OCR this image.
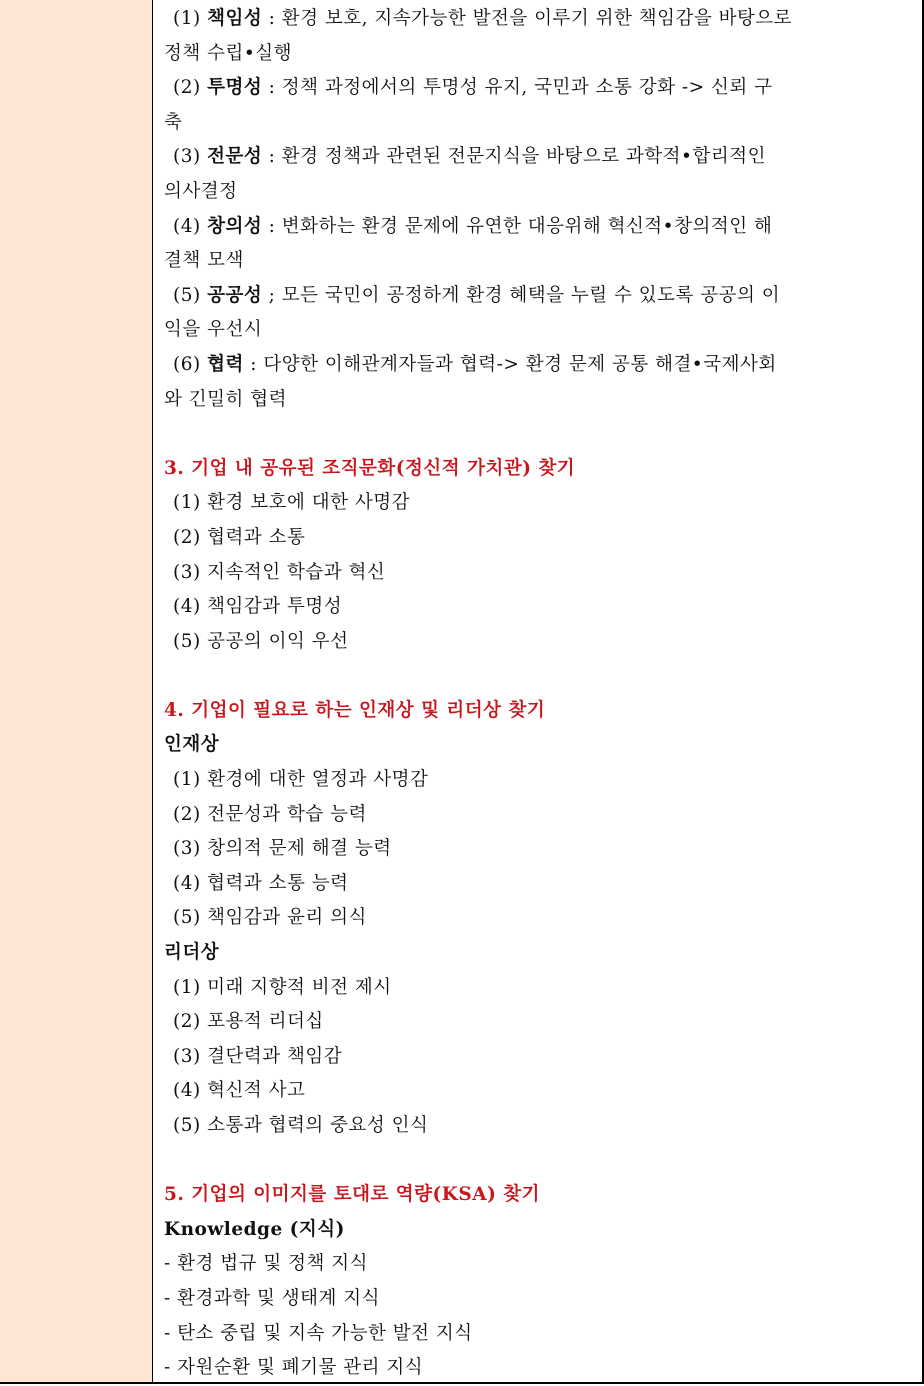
(1) 책임성 : 환경 보호, 지속가능한 발전을 이루기 위한 책임감을 바탕으로
정책 수립•실행
(2) 투명성 : 정책 과정에서의 투명성 유지, 국민과 소통 강화 -> 신뢰 구
축
(3) 전문성 : 환경 정책과 관련된 전문지식을 바탕으로 과학적•합리적인
의사결정
(4) 창의성 : 변화하는 환경 문제에 유연한 대응위해 혁신적•창의적인 해
결책 모색
(5) 공공성 ; 모든 국민이 공정하게 환경 혜택을 누릴 수 있도록 공공의 이
익을 우선시
(6) 협력 : 다양한 이해관계자들과 협력-> 환경 문제 공통 해결•국제사회
와 긴밀히 협력
3. 기업 내 공유된 조직문화(정신적 가치관) 찾기
(1) 환경 보호에 대한 사명감
(2) 협력과 소통
(3) 지속적인 학습과 혁신
(4) 책임감과 투명성
(5) 공공의 이익 우선
4. 기업이 필요로 하는 인재상 및 리더상 찾기
인재상
(1) 환경에 대한 열정과 사명감
(2) 전문성과 학습 능력
(3) 창의적 문제 해결 능력
(4) 협력과 소통 능력
(5) 책임감과 윤리 의식
리더상
(1) 미래 지향적 비전 제시
(2) 포용적 리더십
(3) 결단력과 책임감
(4) 혁신적 사고
(5) 소통과 협력의 중요성 인식
5. 기업의 이미지를 토대로 역량(KSA) 찾기
Knowledge (지식)
- 환경 법규 및 정책 지식
- 환경과학 및 생태계 지식
- 탄소 중립 및 지속 가능한 발전 지식
- 자원순환 및 폐기물 관리 지식
